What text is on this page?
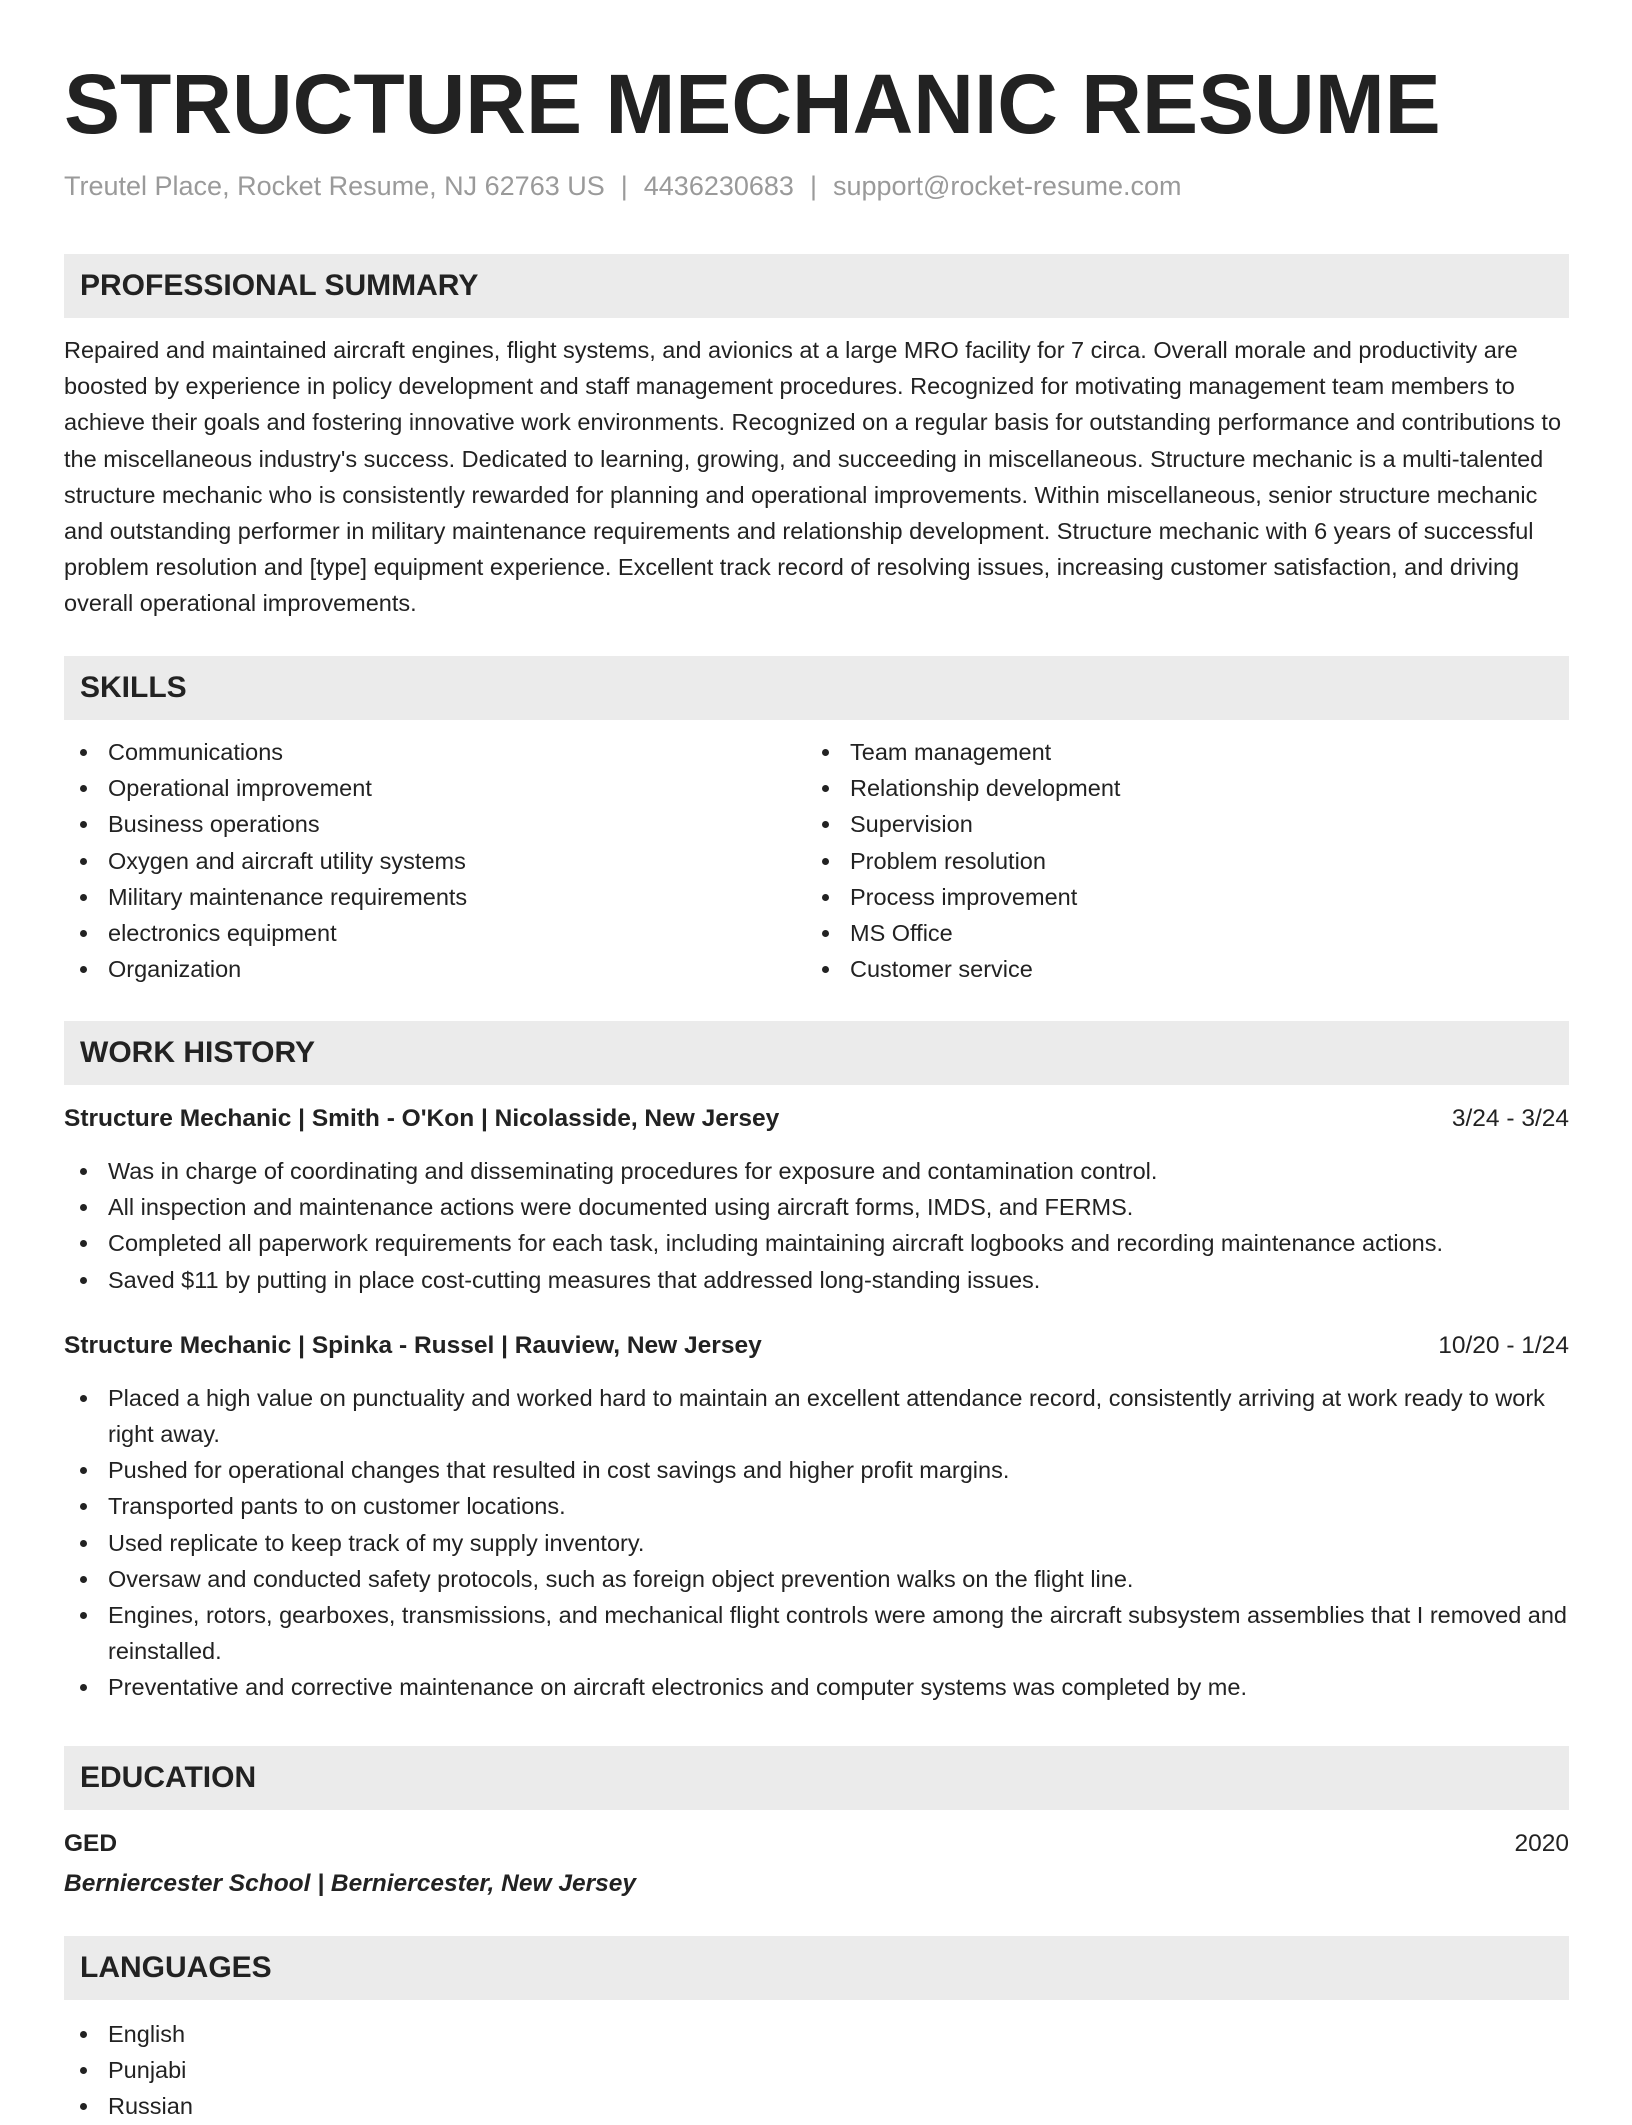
STRUCTURE MECHANIC RESUME
Treutel Place, Rocket Resume, NJ 62763 US | 4436230683 | support@rocket-resume.com
PROFESSIONAL SUMMARY
Repaired and maintained aircraft engines, flight systems, and avionics at a large MRO facility for 7 circa. Overall morale and productivity are boosted by experience in policy development and staff management procedures. Recognized for motivating management team members to achieve their goals and fostering innovative work environments. Recognized on a regular basis for outstanding performance and contributions to the miscellaneous industry's success. Dedicated to learning, growing, and succeeding in miscellaneous. Structure mechanic is a multi-talented structure mechanic who is consistently rewarded for planning and operational improvements. Within miscellaneous, senior structure mechanic and outstanding performer in military maintenance requirements and relationship development. Structure mechanic with 6 years of successful problem resolution and [type] equipment experience. Excellent track record of resolving issues, increasing customer satisfaction, and driving overall operational improvements.
SKILLS
Communications
Operational improvement
Business operations
Oxygen and aircraft utility systems
Military maintenance requirements
electronics equipment
Organization
Team management
Relationship development
Supervision
Problem resolution
Process improvement
MS Office
Customer service
WORK HISTORY
Structure Mechanic | Smith - O'Kon | Nicolasside, New Jersey	3/24 - 3/24
Was in charge of coordinating and disseminating procedures for exposure and contamination control.
All inspection and maintenance actions were documented using aircraft forms, IMDS, and FERMS.
Completed all paperwork requirements for each task, including maintaining aircraft logbooks and recording maintenance actions.
Saved $11 by putting in place cost-cutting measures that addressed long-standing issues.
Structure Mechanic | Spinka - Russel | Rauview, New Jersey	10/20 - 1/24
Placed a high value on punctuality and worked hard to maintain an excellent attendance record, consistently arriving at work ready to work right away.
Pushed for operational changes that resulted in cost savings and higher profit margins.
Transported pants to on customer locations.
Used replicate to keep track of my supply inventory.
Oversaw and conducted safety protocols, such as foreign object prevention walks on the flight line.
Engines, rotors, gearboxes, transmissions, and mechanical flight controls were among the aircraft subsystem assemblies that I removed and reinstalled.
Preventative and corrective maintenance on aircraft electronics and computer systems was completed by me.
EDUCATION
GED	2020
Berniercester School | Berniercester, New Jersey
LANGUAGES
English
Punjabi
Russian
